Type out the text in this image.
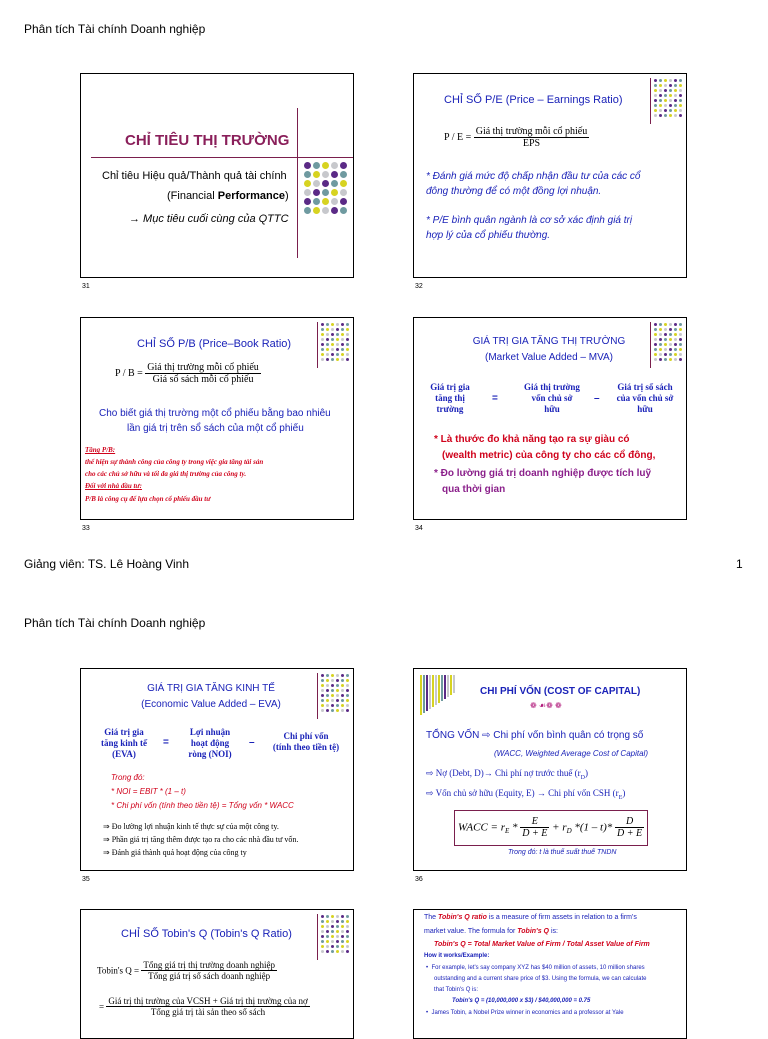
Phân tích Tài chính Doanh nghiệp
CHỈ TIÊU THỊ TRƯỜNG
Chỉ tiêu Hiệu quả/Thành quả tài chính
(Financial Performance)
→ Mục tiêu cuối cùng của QTTC
31
CHỈ SỐ P/E (Price – Earnings Ratio)
$P / E = \frac{\text{Giá thị trường mỗi cổ phiếu}}{\text{EPS}}$
* Đánh giá mức độ chấp nhận đầu tư của các cổ
đông thường để có một đồng lợi nhuận.
* P/E bình quân ngành là cơ sở xác định giá trị
hợp lý của cổ phiếu thường.
32
CHỈ SỐ P/B (Price–Book Ratio)
$P / B = \frac{\text{Giá thị trường mỗi cổ phiếu}}{\text{Giá sổ sách mỗi cổ phiếu}}$
Cho biết giá thị trường một cổ phiếu bằng bao nhiêu
lần giá trị trên sổ sách của một cổ phiếu
Tăng P/B:
thể hiện sự thành công của công ty trong việc gia tăng tài sản
cho các chủ sở hữu và tối đa giá thị trường của công ty.
Đối với nhà đầu tư:
P/B là công cụ để lựa chọn cổ phiếu đầu tư
33
GIÁ TRỊ GIA TĂNG THỊ TRƯỜNG
(Market Value Added – MVA)
Giá trị gia
tăng thị
trường
=
Giá thị trường
vốn chủ sở
hữu
–
Giá trị sổ sách
của vốn chủ sở
hữu
* Là thước đo khả năng tạo ra sự giàu có
(wealth metric) của công ty cho các cổ đông,
* Đo lường giá trị doanh nghiệp được tích luỹ
qua thời gian
34
Giảng viên: TS. Lê Hoàng Vinh	1
Phân tích Tài chính Doanh nghiệp
GIÁ TRỊ GIA TĂNG KINH TẾ
(Economic Value Added – EVA)
Giá trị gia
tăng kinh tế
(EVA)
=
Lợi nhuận
hoạt động
ròng (NOI)
–
Chi phí vốn
(tính theo tiền tệ)
Trong đó:
* NOI = EBIT * (1 – t)
* Chi phí vốn (tính theo tiền tệ) = Tổng vốn * WACC
⇒ Đo lường lợi nhuận kinh tế thực sự của một công ty.
⇒ Phần giá trị tăng thêm được tạo ra cho các nhà đầu tư vốn.
⇒ Đánh giá thành quả hoạt động của công ty
35
CHI PHÍ VỐN (COST OF CAPITAL)
❁ ☙❁ ❁
TỔNG VỐN ⇨ Chi phí vốn bình quân có trọng số
(WACC, Weighted Average Cost of Capital)
⇨ Nợ (Debt, D)→ Chi phí nợ trước thuế $(r_D)$
⇨ Vốn chủ sở hữu (Equity, E) → Chi phí vốn CSH $(r_E)$
WACC = $r_E * \frac{E}{D + E} + r_D$ $*(1 - t)* \frac{D}{D + E}$
Trong đó: t là thuế suất thuế TNDN
36
CHỈ SỐ Tobin's Q (Tobin's Q Ratio)
Tobin's $Q = \frac{\text{Tổng giá trị thị trường doanh nghiệp}}{\text{Tổng giá trị sổ sách doanh nghiệp}}$
= $\frac{\text{Giá trị thị trường của VCSH + Giá trị thị trường của nợ}}{\text{Tổng giá trị tài sản theo sổ sách}}$
The Tobin's Q ratio is a measure of firm assets in relation to a firm's
market value. The formula for Tobin's Q is:
Tobin's Q = Total Market Value of Firm / Total Asset Value of Firm
How it works/Example:
•  For example, let's say company XYZ has $40 million of assets, 10 million shares
outstanding and a current share price of $3. Using the formula, we can calculate
that Tobin's Q is:
Tobin's Q = (10,000,000 x $3) / $40,000,000 = 0.75
•  James Tobin, a Nobel Prize winner in economics and a professor at Yale
